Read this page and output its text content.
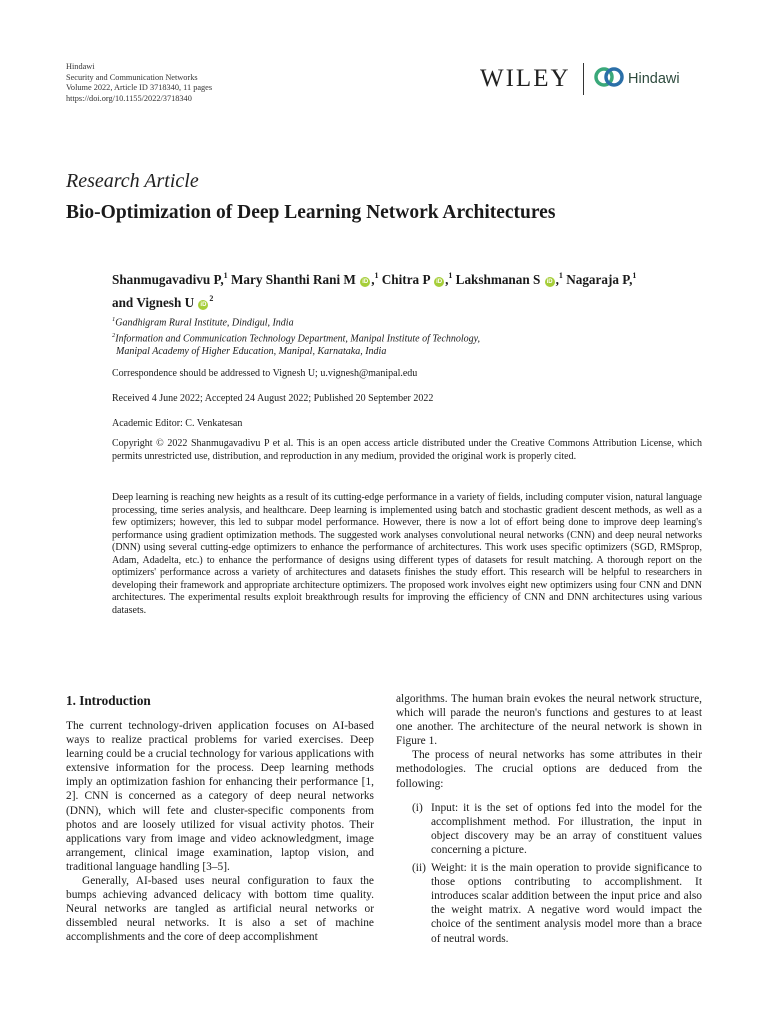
Hindawi
Security and Communication Networks
Volume 2022, Article ID 3718340, 11 pages
https://doi.org/10.1155/2022/3718340
WILEY	Hindawi
Research Article
Bio-Optimization of Deep Learning Network Architectures
Shanmugavadivu P,$^1$ Mary Shanthi Rani M iD ,$^1$ Chitra P iD ,$^1$ Lakshmanan S iD ,$^1$ Nagaraja P,$^1$
and Vignesh U $iD^2$
$^1$Gandhigram Rural Institute, Dindigul, India
$^2$Information and Communication Technology Department, Manipal Institute of Technology,
Manipal Academy of Higher Education, Manipal, Karnataka, India
Correspondence should be addressed to Vignesh U; u.vignesh@manipal.edu
Received 4 June 2022; Accepted 24 August 2022; Published 20 September 2022
Academic Editor: C. Venkatesan
Copyright © 2022 Shanmugavadivu P et al. This is an open access article distributed under the Creative Commons Attribution License, which permits unrestricted use, distribution, and reproduction in any medium, provided the original work is properly cited.
Deep learning is reaching new heights as a result of its cutting-edge performance in a variety of fields, including computer vision, natural language processing, time series analysis, and healthcare. Deep learning is implemented using batch and stochastic gradient descent methods, as well as a few optimizers; however, this led to subpar model performance. However, there is now a lot of effort being done to improve deep learning's performance using gradient optimization methods. The suggested work analyses convolutional neural networks (CNN) and deep neural networks (DNN) using several cutting-edge optimizers to enhance the performance of architectures. This work uses specific optimizers (SGD, RMSprop, Adam, Adadelta, etc.) to enhance the performance of designs using different types of datasets for result matching. A thorough report on the optimizers' performance across a variety of architectures and datasets finishes the study effort. This research will be helpful to researchers in developing their framework and appropriate architecture optimizers. The proposed work involves eight new optimizers using four CNN and DNN architectures. The experimental results exploit breakthrough results for improving the efficiency of CNN and DNN architectures using various datasets.
1. Introduction

The current technology-driven application focuses on AI-based ways to realize practical problems for varied exercises. Deep learning could be a crucial technology for various applications with extensive information for the process. Deep learning methods imply an optimization fashion for enhancing their performance [1, 2]. CNN is concerned as a category of deep neural networks (DNN), which will fete and cluster-specific components from photos and are loosely utilized for visual activity photos. Their applications vary from image and video acknowledgment, image arrangement, clinical image examination, laptop vision, and traditional language handling [3–5].

Generally, AI-based uses neural configuration to faux the bumps achieving advanced delicacy with bottom time quality. Neural networks are tangled as artificial neural networks or dissembled neural networks. It is also a set of machine accomplishments and the core of deep accomplishment

algorithms. The human brain evokes the neural network structure, which will parade the neuron's functions and gestures to at least one another. The architecture of the neural network is shown in Figure 1.

The process of neural networks has some attributes in their methodologies. The crucial options are deduced from the following:

(i) Input: it is the set of options fed into the model for the accomplishment method. For illustration, the input in object discovery may be an array of constituent values concerning a picture.
(ii) Weight: it is the main operation to provide significance to those options contributing to accomplishment. It introduces scalar addition between the input price and also the weight matrix. A negative word would impact the choice of the sentiment analysis model more than a brace of neutral words.
